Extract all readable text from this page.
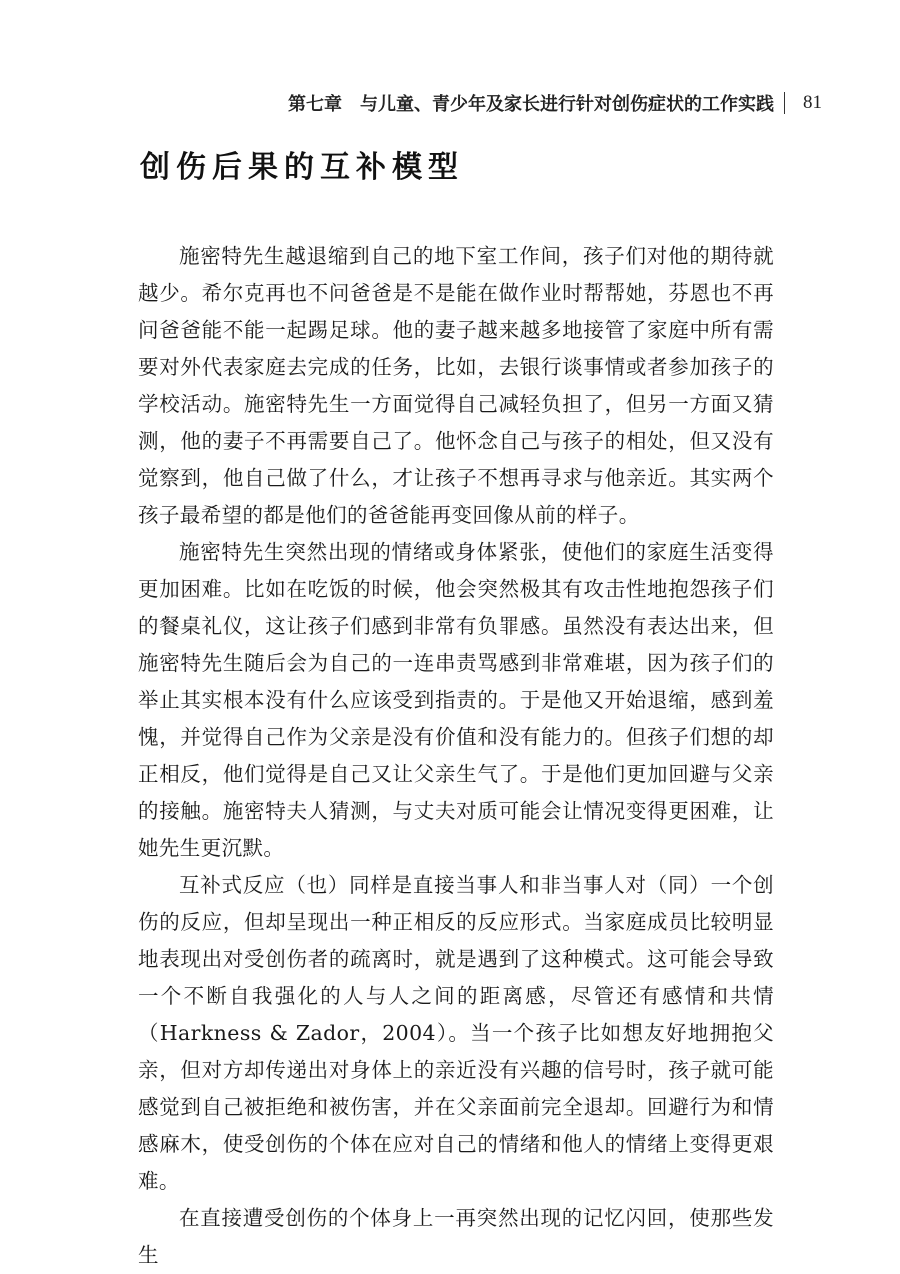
第七章 与儿童、青少年及家长进行针对创伤症状的工作实践 81
创伤后果的互补模型

施密特先生越退缩到自己的地下室工作间，孩子们对他的期待就越少。希尔克再也不问爸爸是不是能在做作业时帮帮她，芬恩也不再问爸爸能不能一起踢足球。他的妻子越来越多地接管了家庭中所有需要对外代表家庭去完成的任务，比如，去银行谈事情或者参加孩子的学校活动。施密特先生一方面觉得自己减轻负担了，但另一方面又猜测，他的妻子不再需要自己了。他怀念自己与孩子的相处，但又没有觉察到，他自己做了什么，才让孩子不想再寻求与他亲近。其实两个孩子最希望的都是他们的爸爸能再变回像从前的样子。

施密特先生突然出现的情绪或身体紧张，使他们的家庭生活变得更加困难。比如在吃饭的时候，他会突然极其有攻击性地抱怨孩子们的餐桌礼仪，这让孩子们感到非常有负罪感。虽然没有表达出来，但施密特先生随后会为自己的一连串责骂感到非常难堪，因为孩子们的举止其实根本没有什么应该受到指责的。于是他又开始退缩，感到羞愧，并觉得自己作为父亲是没有价值和没有能力的。但孩子们想的却正相反，他们觉得是自己又让父亲生气了。于是他们更加回避与父亲的接触。施密特夫人猜测，与丈夫对质可能会让情况变得更困难，让她先生更沉默。

互补式反应（也）同样是直接当事人和非当事人对（同）一个创伤的反应，但却呈现出一种正相反的反应形式。当家庭成员比较明显地表现出对受创伤者的疏离时，就是遇到了这种模式。这可能会导致一个不断自我强化的人与人之间的距离感，尽管还有感情和共情（Harkness & Zador，2004）。当一个孩子比如想友好地拥抱父亲，但对方却传递出对身体上的亲近没有兴趣的信号时，孩子就可能感觉到自己被拒绝和被伤害，并在父亲面前完全退却。回避行为和情感麻木，使受创伤的个体在应对自己的情绪和他人的情绪上变得更艰难。

在直接遭受创伤的个体身上一再突然出现的记忆闪回，使那些发生
